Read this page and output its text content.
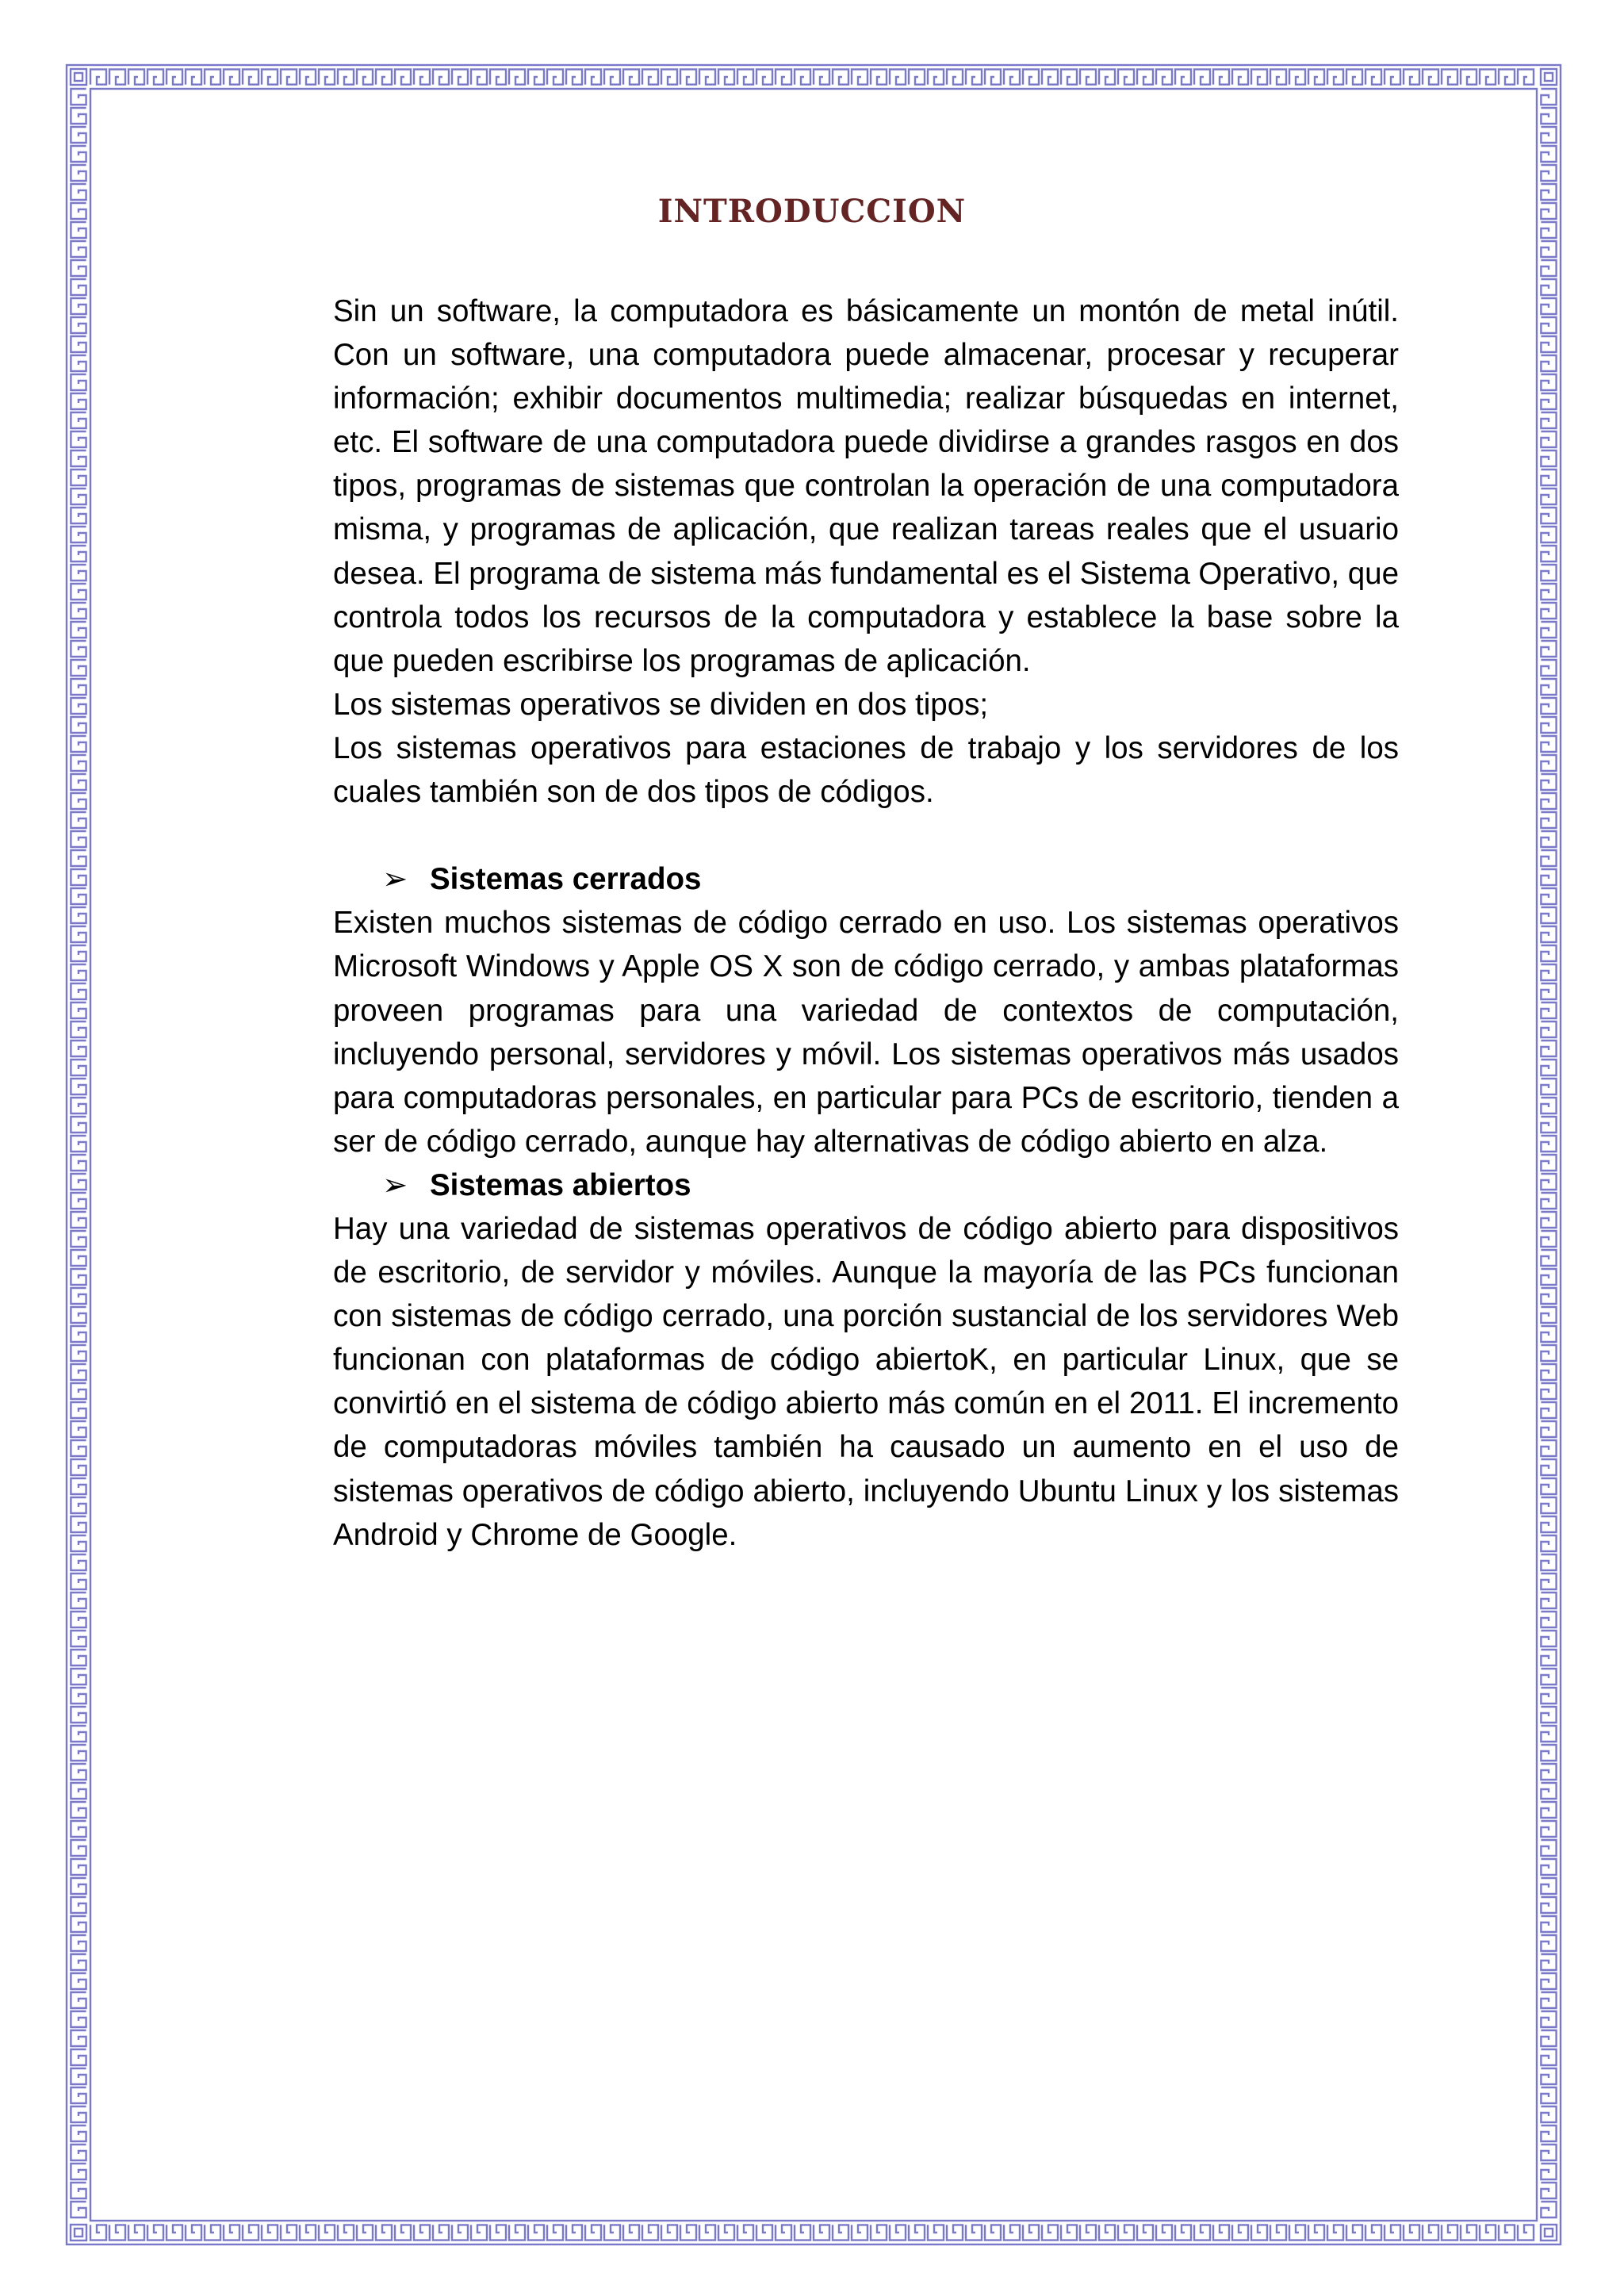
INTRODUCCION

Sin un software, la computadora es básicamente un montón de metal inútil. Con un software, una computadora puede almacenar, procesar y recuperar información; exhibir documentos multimedia; realizar búsquedas en internet, etc. El software de una computadora puede dividirse a grandes rasgos en dos tipos, programas de sistemas que controlan la operación de una computadora misma, y programas de aplicación, que realizan tareas reales que el usuario desea. El programa de sistema más fundamental es el Sistema Operativo, que controla todos los recursos de la computadora y establece la base sobre la que pueden escribirse los programas de aplicación.

Los sistemas operativos se dividen en dos tipos;

Los sistemas operativos para estaciones de trabajo y los servidores de los cuales también son de dos tipos de códigos.

➢ Sistemas cerrados

Existen muchos sistemas de código cerrado en uso. Los sistemas operativos Microsoft Windows y Apple OS X son de código cerrado, y ambas plataformas proveen programas para una variedad de contextos de computación, incluyendo personal, servidores y móvil. Los sistemas operativos más usados para computadoras personales, en particular para PCs de escritorio, tienden a ser de código cerrado, aunque hay alternativas de código abierto en alza.

➢ Sistemas abiertos

Hay una variedad de sistemas operativos de código abierto para dispositivos de escritorio, de servidor y móviles. Aunque la mayoría de las PCs funcionan con sistemas de código cerrado, una porción sustancial de los servidores Web funcionan con plataformas de código abiertoK, en particular Linux, que se convirtió en el sistema de código abierto más común en el 2011. El incremento de computadoras móviles también ha causado un aumento en el uso de sistemas operativos de código abierto, incluyendo Ubuntu Linux y los sistemas Android y Chrome de Google.
